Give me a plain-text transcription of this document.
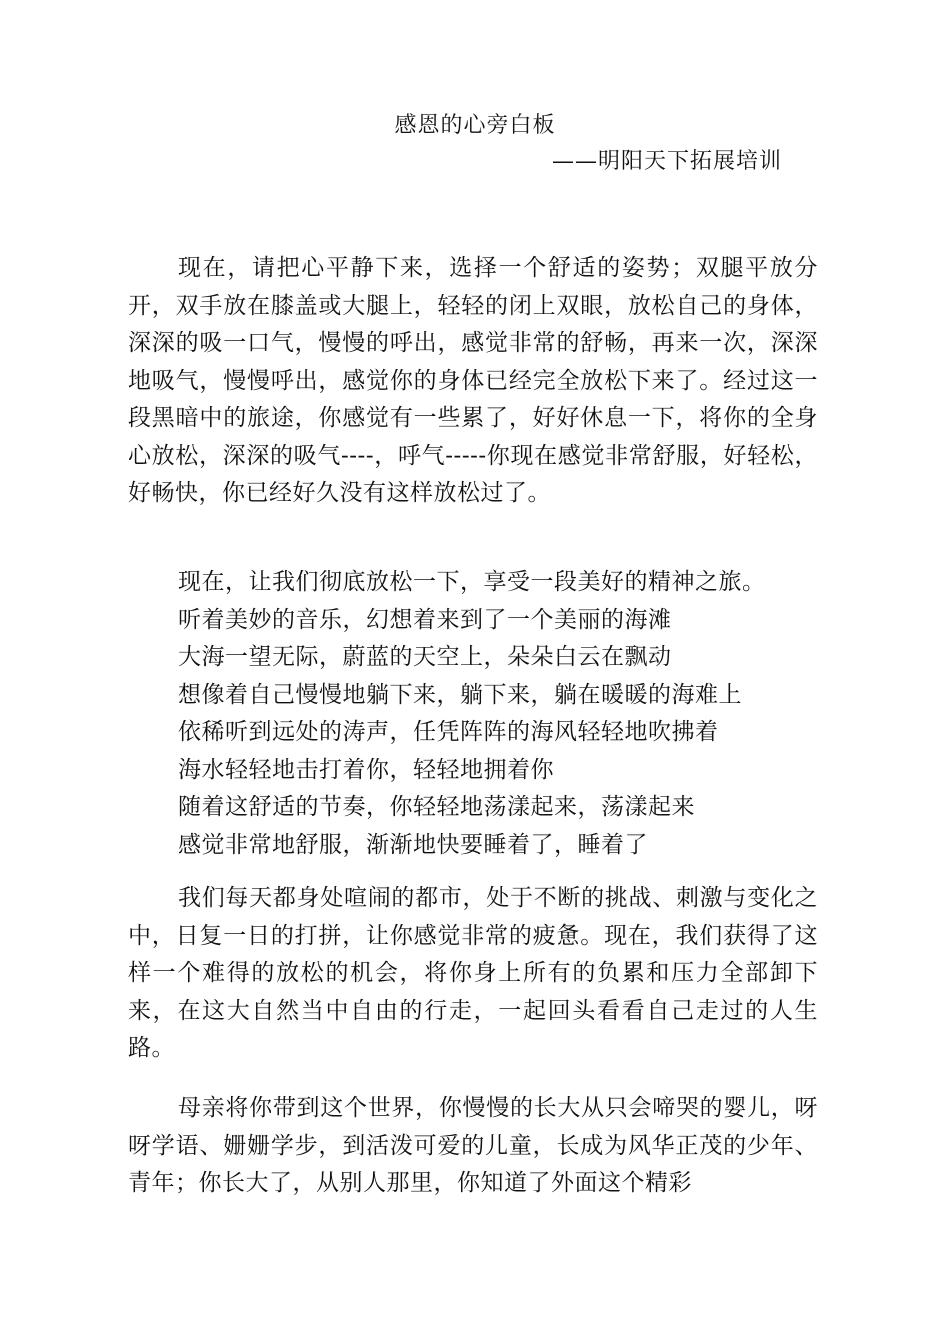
感恩的心旁白板
——明阳天下拓展培训

现在，请把心平静下来，选择一个舒适的姿势；双腿平放分开，双手放在膝盖或大腿上，轻轻的闭上双眼，放松自己的身体，深深的吸一口气，慢慢的呼出，感觉非常的舒畅，再来一次，深深地吸气，慢慢呼出，感觉你的身体已经完全放松下来了。经过这一段黑暗中的旅途，你感觉有一些累了，好好休息一下，将你的全身心放松，深深的吸气----，呼气-----你现在感觉非常舒服，好轻松，好畅快，你已经好久没有这样放松过了。

现在，让我们彻底放松一下，享受一段美好的精神之旅。
听着美妙的音乐，幻想着来到了一个美丽的海滩
大海一望无际，蔚蓝的天空上，朵朵白云在飘动
想像着自己慢慢地躺下来，躺下来，躺在暖暖的海难上
依稀听到远处的涛声，任凭阵阵的海风轻轻地吹拂着
海水轻轻地击打着你，轻轻地拥着你
随着这舒适的节奏，你轻轻地荡漾起来，荡漾起来
感觉非常地舒服，渐渐地快要睡着了，睡着了

我们每天都身处喧闹的都市，处于不断的挑战、刺激与变化之中，日复一日的打拼，让你感觉非常的疲惫。现在，我们获得了这样一个难得的放松的机会，将你身上所有的负累和压力全部卸下来，在这大自然当中自由的行走，一起回头看看自己走过的人生路。

母亲将你带到这个世界，你慢慢的长大从只会啼哭的婴儿，呀呀学语、姗姗学步，到活泼可爱的儿童，长成为风华正茂的少年、青年；你长大了，从别人那里，你知道了外面这个精彩
